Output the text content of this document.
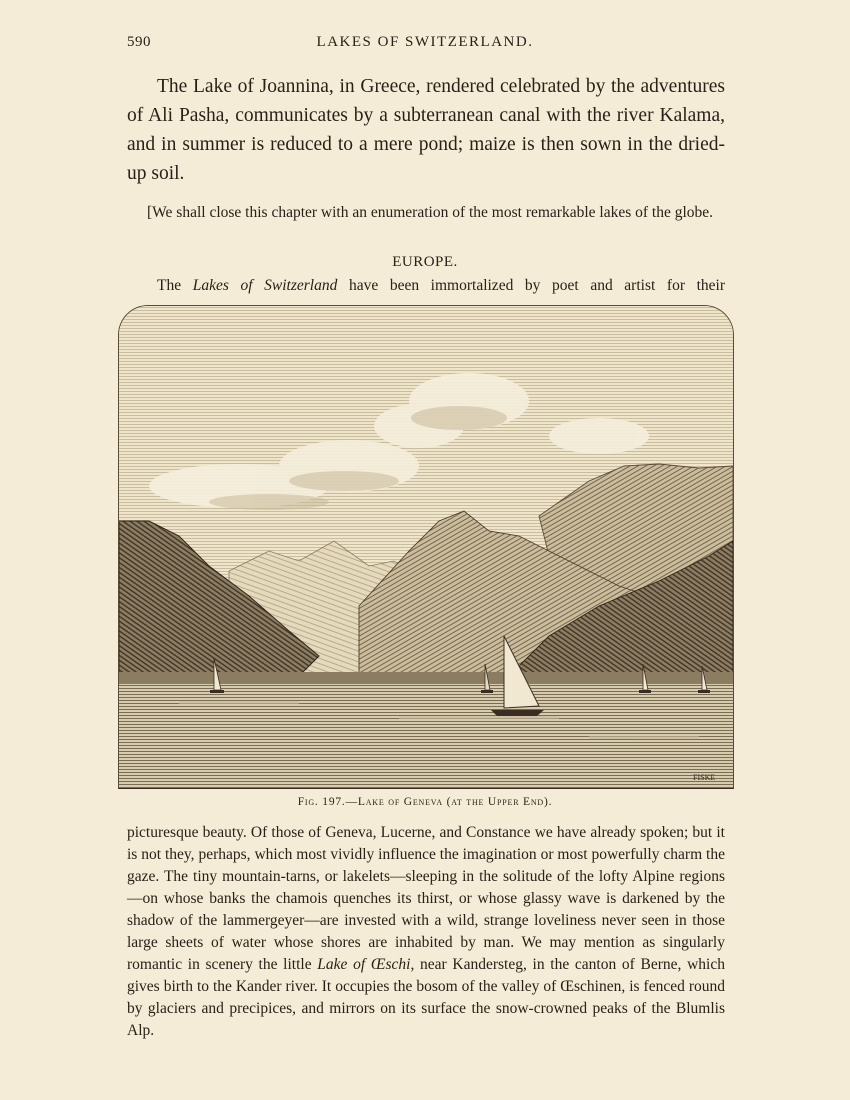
590	LAKES OF SWITZERLAND.

The Lake of Joannina, in Greece, rendered celebrated by the adventures of Ali Pasha, communicates by a subterranean canal with the river Kalama, and in summer is reduced to a mere pond; maize is then sown in the dried-up soil.

[We shall close this chapter with an enumeration of the most remarkable lakes of the globe.

EUROPE.

The Lakes of Switzerland have been immortalized by poet and artist for their

FISKE
Fig. 197.—Lake of Geneva (at the Upper End).

picturesque beauty. Of those of Geneva, Lucerne, and Constance we have already spoken; but it is not they, perhaps, which most vividly influence the imagination or most powerfully charm the gaze. The tiny mountain-tarns, or lakelets—sleeping in the solitude of the lofty Alpine regions—on whose banks the chamois quenches its thirst, or whose glassy wave is darkened by the shadow of the lammergeyer—are invested with a wild, strange loveliness never seen in those large sheets of water whose shores are inhabited by man. We may mention as singularly romantic in scenery the little Lake of Œschi, near Kandersteg, in the canton of Berne, which gives birth to the Kander river. It occupies the bosom of the valley of Œschinen, is fenced round by glaciers and precipices, and mirrors on its surface the snow-crowned peaks of the Blumlis Alp.
